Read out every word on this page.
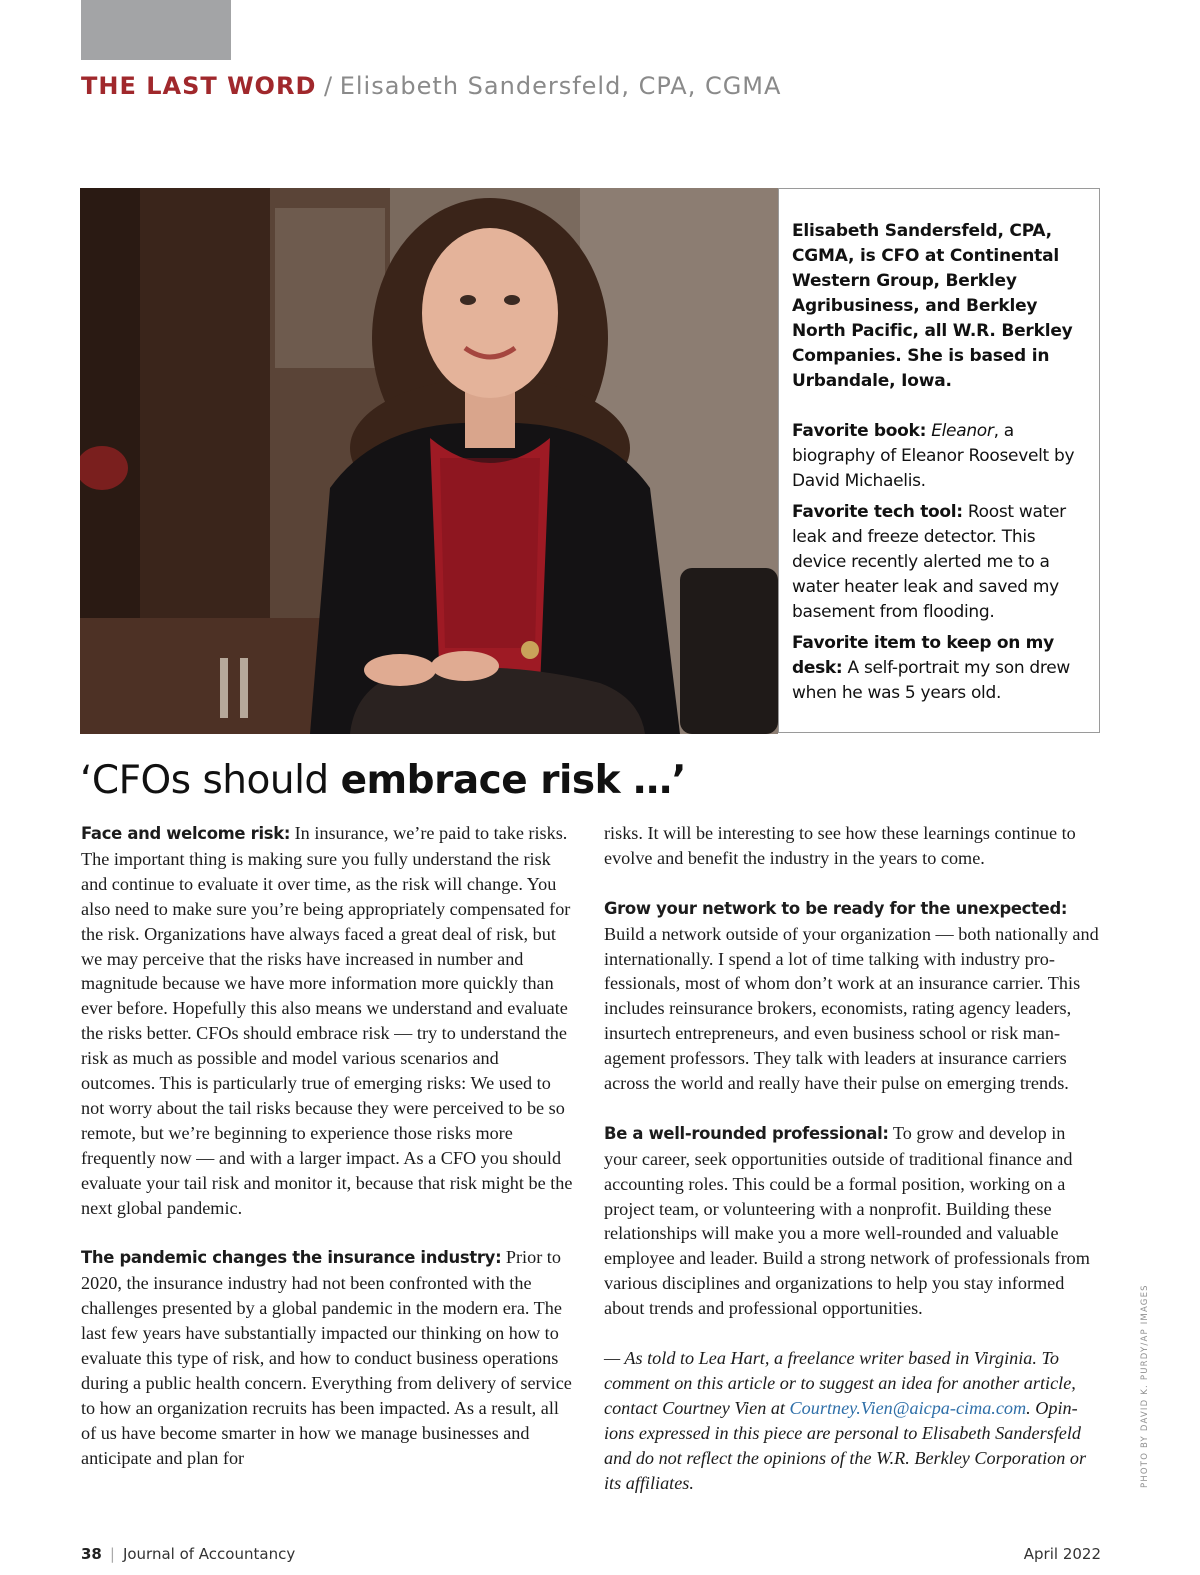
THE LAST WORD / Elisabeth Sandersfeld, CPA, CGMA

Elisabeth Sandersfeld, CPA, CGMA, is CFO at Continental Western Group, Berkley Agribusiness, and Berkley North Pacific, all W.R. Berkley Companies. She is based in Urbandale, Iowa.

Favorite book: Eleanor, a biography of Eleanor Roosevelt by David Michaelis.

Favorite tech tool: Roost water leak and freeze detector. This device recently alerted me to a water heater leak and saved my basement from flooding.

Favorite item to keep on my desk: A self-portrait my son drew when he was 5 years old.

‘CFOs should embrace risk …’

Face and welcome risk: In insurance, we’re paid to take risks. The important thing is making sure you fully understand the risk and continue to evaluate it over time, as the risk will change. You also need to make sure you’re being appropriately compensated for the risk. Organizations have always faced a great deal of risk, but we may perceive that the risks have increased in number and magnitude because we have more information more quickly than ever before. Hopefully this also means we understand and evaluate the risks better. CFOs should embrace risk — try to understand the risk as much as possible and model various scenarios and outcomes. This is particularly true of emerging risks: We used to not worry about the tail risks because they were perceived to be so remote, but we’re beginning to experience those risks more frequently now — and with a larger impact. As a CFO you should evaluate your tail risk and monitor it, because that risk might be the next global pandemic.

The pandemic changes the insurance industry: Prior to 2020, the insurance industry had not been confronted with the challenges presented by a global pandemic in the modern era. The last few years have substantially impacted our thinking on how to evaluate this type of risk, and how to conduct business operations during a public health concern. Everything from delivery of service to how an organization recruits has been impacted. As a result, all of us have become smarter in how we manage businesses and anticipate and plan for

risks. It will be interesting to see how these learnings continue to evolve and benefit the industry in the years to come.

Grow your network to be ready for the unexpected: Build a network outside of your organization — both nationally and internationally. I spend a lot of time talking with industry professionals, most of whom don’t work at an insurance carrier. This includes reinsurance brokers, economists, rating agency leaders, insurtech entrepreneurs, and even business school or risk management professors. They talk with leaders at insurance carriers across the world and really have their pulse on emerging trends.

Be a well-rounded professional: To grow and develop in your career, seek opportunities outside of traditional finance and accounting roles. This could be a formal position, working on a project team, or volunteering with a nonprofit. Building these relationships will make you a more well-rounded and valuable employee and leader. Build a strong network of professionals from various disciplines and organizations to help you stay informed about trends and professional opportunities.

— As told to Lea Hart, a freelance writer based in Virginia. To comment on this article or to suggest an idea for another article, contact Courtney Vien at Courtney.Vien@aicpa-cima.com. Opinions expressed in this piece are personal to Elisabeth Sandersfeld and do not reflect the opinions of the W.R. Berkley Corporation or its affiliates.	PHOTO BY DAVID K. PURDY/AP IMAGES
38 | Journal of Accountancy	April 2022
